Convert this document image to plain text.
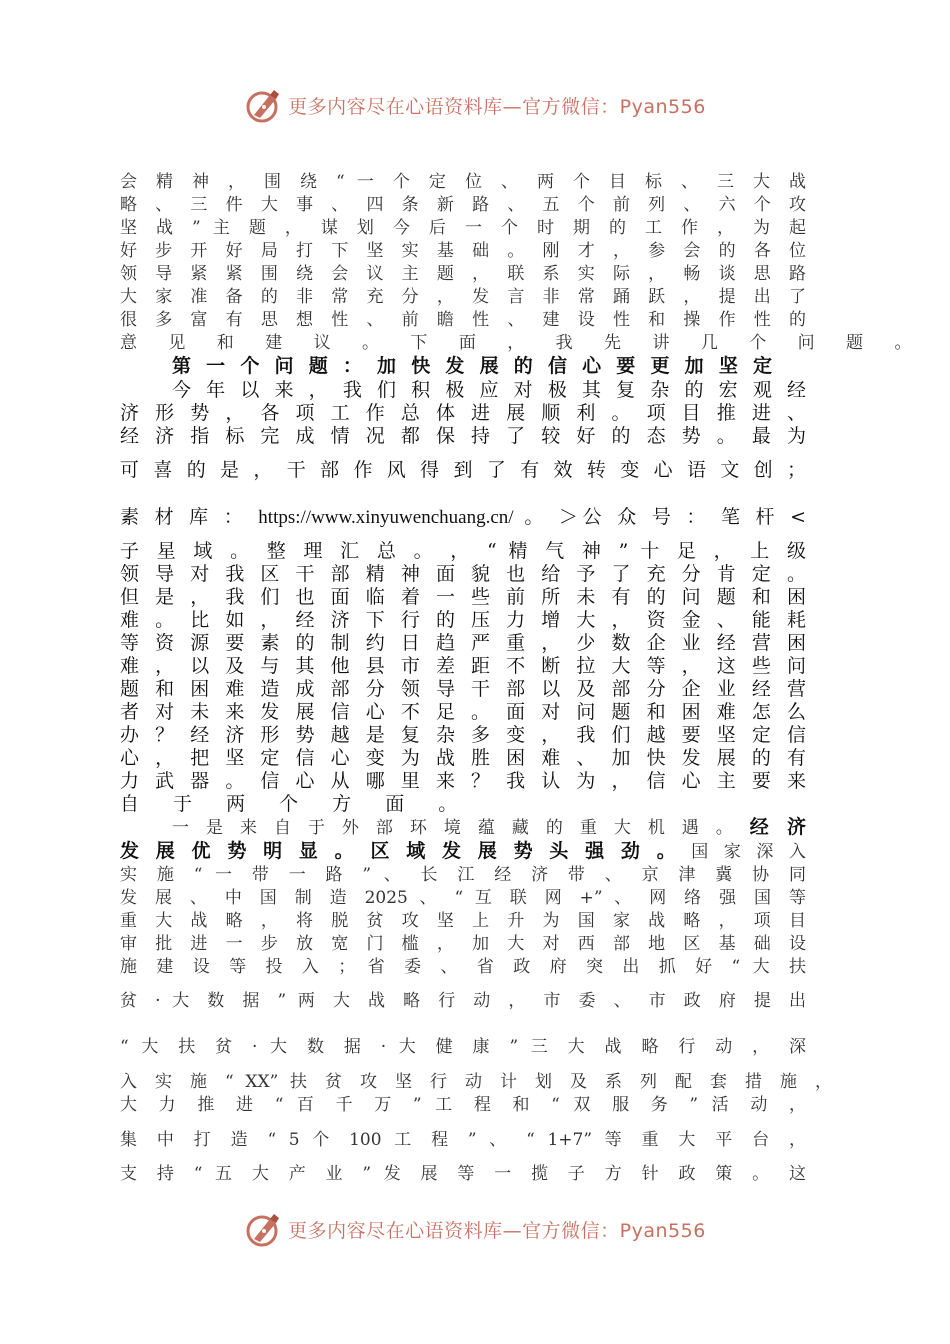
更多内容尽在心语资料库—官方微信：Pyan556
会 精 神 ， 围 绕 “ 一 个 定 位 、 两 个 目 标 、 三 大 战
略 、 三 件 大 事 、 四 条 新 路 、 五 个 前 列 、 六 个 攻
坚 战 ” 主 题 ， 谋 划 今 后 一 个 时 期 的 工 作 ， 为 起
好 步 开 好 局 打 下 坚 实 基 础 。 刚 才 ， 参 会 的 各 位
领 导 紧 紧 围 绕 会 议 主 题 ， 联 系 实 际 ， 畅 谈 思 路
大 家 准 备 的 非 常 充 分 ， 发 言 非 常 踊 跃 ， 提 出 了
很 多 富 有 思 想 性 、 前 瞻 性 、 建 设 性 和 操 作 性 的
意 见 和 建 议 。 下 面 ， 我 先 讲 几 个 问 题 。
第 一 个 问 题 ： 加 快 发 展 的 信 心 要 更 加 坚 定
今 年 以 来 ， 我 们 积 极 应 对 极 其 复 杂 的 宏 观 经
济 形 势 ， 各 项 工 作 总 体 进 展 顺 利 。 项 目 推 进 、
经 济 指 标 完 成 情 况 都 保 持 了 较 好 的 态 势 。 最 为
可 喜 的 是 ， 干 部 作 风 得 到 了 有 效 转 变 心 语 文 创 ；
素 材 库 ： https://www.xinyuwenchuang.cn/ 。 ＞公 众 号 ： 笔 杆 <
子 星 域 。 整 理 汇 总 。 ， “ 精 气 神 ” 十 足 ， 上 级
领 导 对 我 区 干 部 精 神 面 貌 也 给 予 了 充 分 肯 定 。
但 是 ， 我 们 也 面 临 着 一 些 前 所 未 有 的 问 题 和 困
难 。 比 如 ， 经 济 下 行 的 压 力 增 大 ， 资 金 、 能 耗
等 资 源 要 素 的 制 约 日 趋 严 重 ， 少 数 企 业 经 营 困
难 ， 以 及 与 其 他 县 市 差 距 不 断 拉 大 等 ， 这 些 问
题 和 困 难 造 成 部 分 领 导 干 部 以 及 部 分 企 业 经 营
者 对 未 来 发 展 信 心 不 足 。 面 对 问 题 和 困 难 怎 么
办 ？ 经 济 形 势 越 是 复 杂 多 变 ， 我 们 越 要 坚 定 信
心 ， 把 坚 定 信 心 变 为 战 胜 困 难 、 加 快 发 展 的 有
力 武 器 。 信 心 从 哪 里 来 ？ 我 认 为 ， 信 心 主 要 来
自 于 两 个 方 面 。
一 是 来 自 于 外 部 环 境 蕴 藏 的 重 大 机 遇 。 经 济
发 展 优 势 明 显 。 区 域 发 展 势 头 强 劲 。 国 家 深 入
实 施 “ 一 带 一 路 ” 、 长 江 经 济 带 、 京 津 冀 协 同
发 展 、 中 国 制 造 2025 、 “ 互 联 网 +” 、 网 络 强 国 等
重 大 战 略 ， 将 脱 贫 攻 坚 上 升 为 国 家 战 略 ， 项 目
审 批 进 一 步 放 宽 门 槛 ， 加 大 对 西 部 地 区 基 础 设
施 建 设 等 投 入 ； 省 委 、 省 政 府 突 出 抓 好 “ 大 扶
贫 · 大 数 据 ” 两 大 战 略 行 动 ， 市 委 、 市 政 府 提 出
“ 大 扶 贫 · 大 数 据 · 大 健 康 ” 三 大 战 略 行 动 ， 深
入 实 施 “ XX” 扶 贫 攻 坚 行 动 计 划 及 系 列 配 套 措 施 ，
大 力 推 进 “ 百 千 万 ” 工 程 和 “ 双 服 务 ” 活 动 ，
集 中 打 造 “ 5 个 100 工 程 ” 、 “ 1+7” 等 重 大 平 台 ，
支 持 “ 五 大 产 业 ” 发 展 等 一 揽 子 方 针 政 策 。 这
更多内容尽在心语资料库—官方微信：Pyan556
